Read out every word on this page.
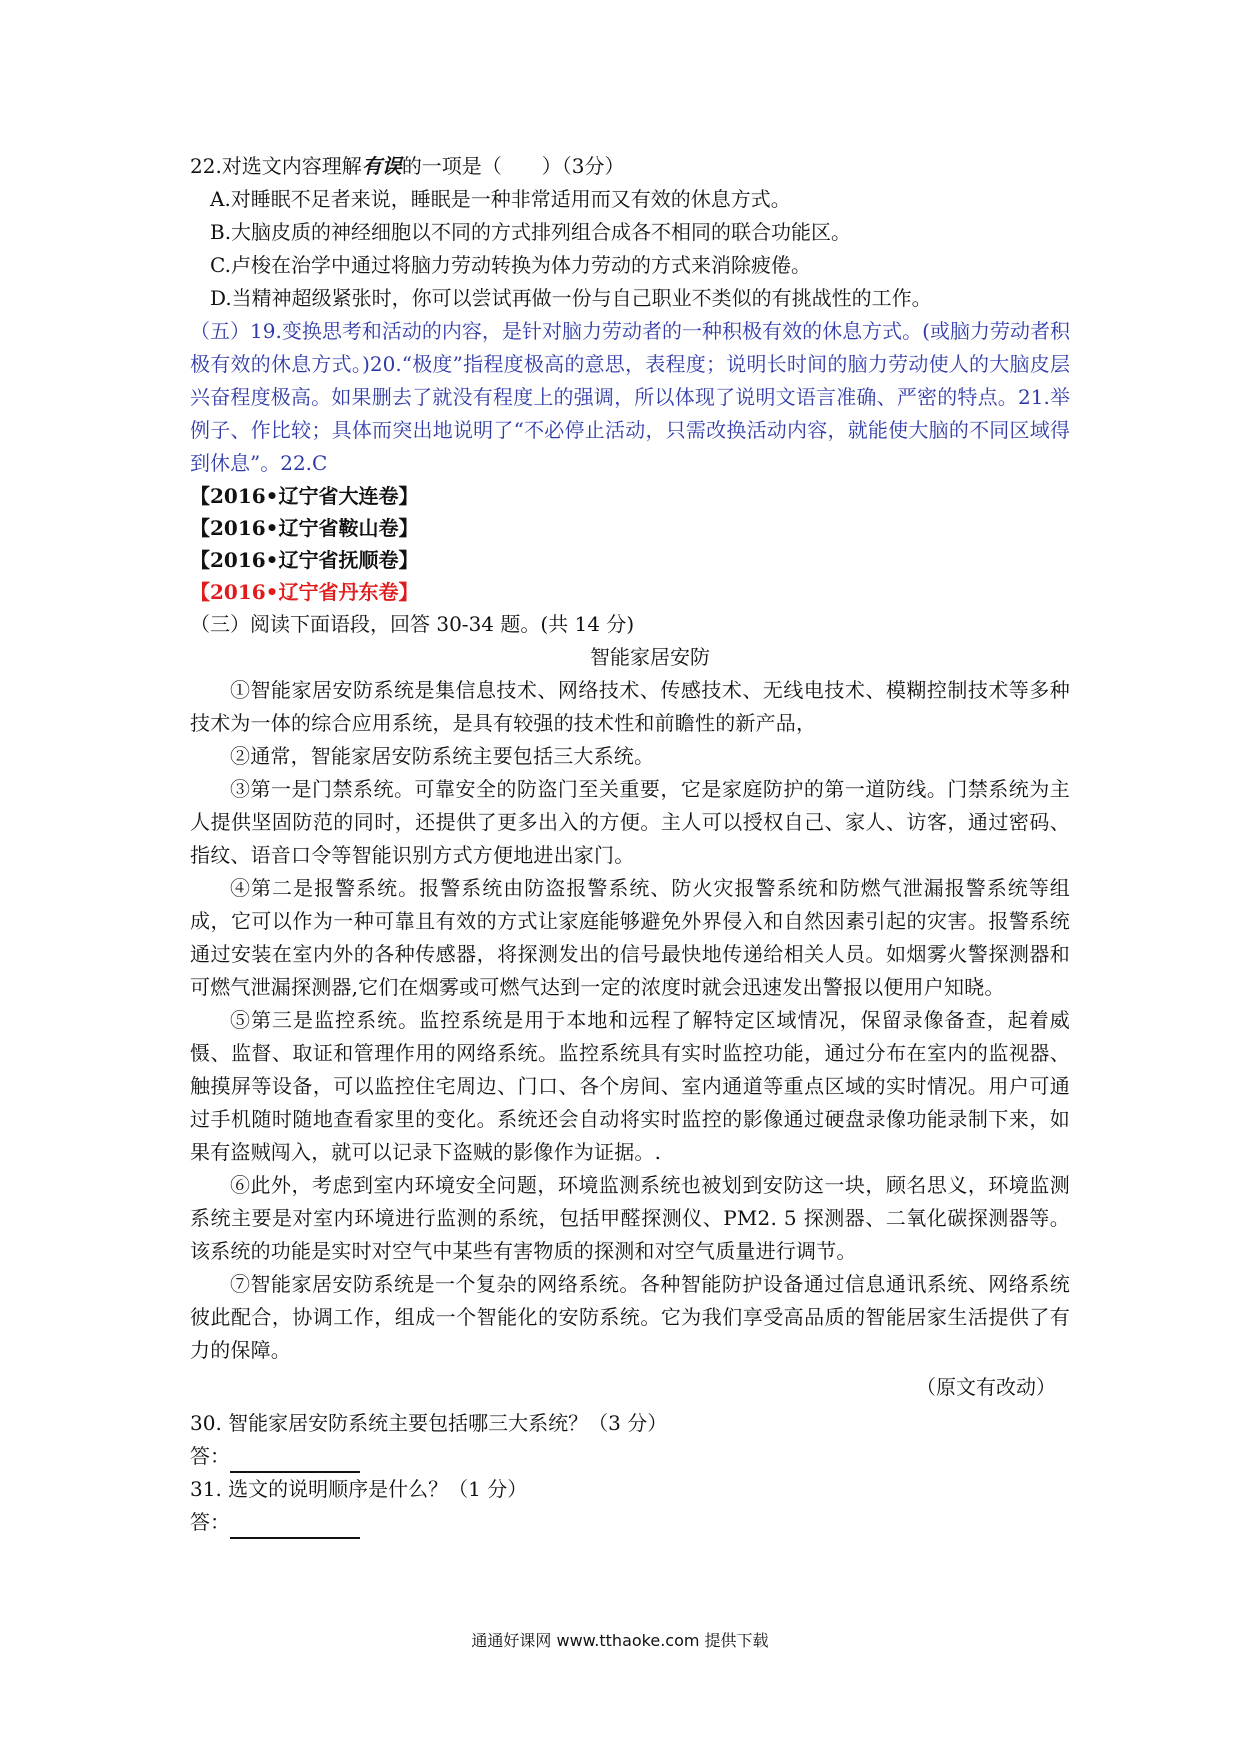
22.对选文内容理解有误的一项是（　　）（3分）
A.对睡眠不足者来说，睡眠是一种非常适用而又有效的休息方式。
B.大脑皮质的神经细胞以不同的方式排列组合成各不相同的联合功能区。
C.卢梭在治学中通过将脑力劳动转换为体力劳动的方式来消除疲倦。
D.当精神超级紧张时，你可以尝试再做一份与自己职业不类似的有挑战性的工作。
（五）19.变换思考和活动的内容，是针对脑力劳动者的一种积极有效的休息方式。(或脑力劳动者积极有效的休息方式。)20.“极度”指程度极高的意思，表程度；说明长时间的脑力劳动使人的大脑皮层兴奋程度极高。如果删去了就没有程度上的强调，所以体现了说明文语言准确、严密的特点。21.举例子、作比较；具体而突出地说明了“不必停止活动，只需改换活动内容，就能使大脑的不同区域得到休息”。22.C
【2016•辽宁省大连卷】
【2016•辽宁省鞍山卷】
【2016•辽宁省抚顺卷】
【2016•辽宁省丹东卷】
（三）阅读下面语段，回答 30-34 题。(共 14 分)
智能家居安防
①智能家居安防系统是集信息技术、网络技术、传感技术、无线电技术、模糊控制技术等多种技术为一体的综合应用系统，是具有较强的技术性和前瞻性的新产品，
②通常，智能家居安防系统主要包括三大系统。
③第一是门禁系统。可靠安全的防盗门至关重要，它是家庭防护的第一道防线。门禁系统为主人提供坚固防范的同时，还提供了更多出入的方便。主人可以授权自己、家人、访客，通过密码、指纹、语音口令等智能识别方式方便地进出家门。
④第二是报警系统。报警系统由防盗报警系统、防火灾报警系统和防燃气泄漏报警系统等组成，它可以作为一种可靠且有效的方式让家庭能够避免外界侵入和自然因素引起的灾害。报警系统通过安装在室内外的各种传感器，将探测发出的信号最快地传递给相关人员。如烟雾火警探测器和可燃气泄漏探测器,它们在烟雾或可燃气达到一定的浓度时就会迅速发出警报以便用户知晓。
⑤第三是监控系统。监控系统是用于本地和远程了解特定区域情况，保留录像备查，起着威慑、监督、取证和管理作用的网络系统。监控系统具有实时监控功能，通过分布在室内的监视器、触摸屏等设备，可以监控住宅周边、门口、各个房间、室内通道等重点区域的实时情况。用户可通过手机随时随地查看家里的变化。系统还会自动将实时监控的影像通过硬盘录像功能录制下来，如果有盗贼闯入，就可以记录下盗贼的影像作为证据。.
⑥此外，考虑到室内环境安全问题，环境监测系统也被划到安防这一块，顾名思义，环境监测系统主要是对室内环境进行监测的系统，包括甲醛探测仪、PM2. 5 探测器、二氧化碳探测器等。该系统的功能是实时对空气中某些有害物质的探测和对空气质量进行调节。
⑦智能家居安防系统是一个复杂的网络系统。各种智能防护设备通过信息通讯系统、网络系统彼此配合，协调工作，组成一个智能化的安防系统。它为我们享受高品质的智能居家生活提供了有力的保障。
（原文有改动）
30. 智能家居安防系统主要包括哪三大系统？（3 分）
答：
31. 选文的说明顺序是什么？（1 分）
答：
通通好课网 www.tthaoke.com 提供下载
